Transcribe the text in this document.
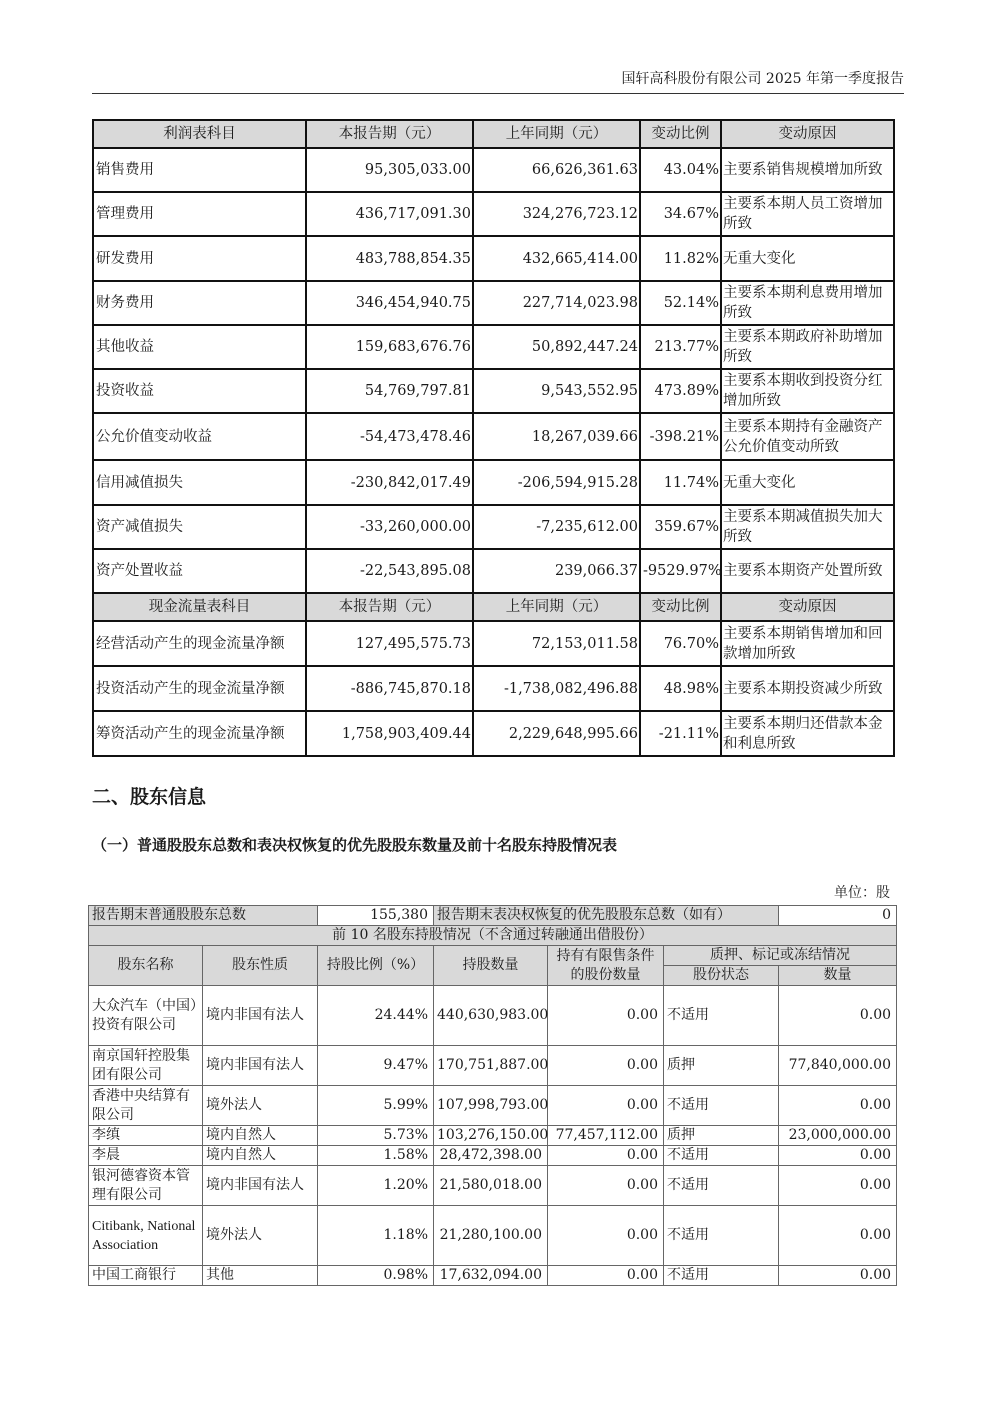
国轩高科股份有限公司 2025 年第一季度报告
利润表科目	本报告期（元）	上年同期（元）	变动比例	变动原因
销售费用	95,305,033.00	66,626,361.63	43.04%	主要系销售规模增加所致
管理费用	436,717,091.30	324,276,723.12	34.67%	主要系本期人员工资增加所致
研发费用	483,788,854.35	432,665,414.00	11.82%	无重大变化
财务费用	346,454,940.75	227,714,023.98	52.14%	主要系本期利息费用增加所致
其他收益	159,683,676.76	50,892,447.24	213.77%	主要系本期政府补助增加所致
投资收益	54,769,797.81	9,543,552.95	473.89%	主要系本期收到投资分红增加所致
公允价值变动收益	-54,473,478.46	18,267,039.66	-398.21%	主要系本期持有金融资产公允价值变动所致
信用减值损失	-230,842,017.49	-206,594,915.28	11.74%	无重大变化
资产减值损失	-33,260,000.00	-7,235,612.00	359.67%	主要系本期减值损失加大所致
资产处置收益	-22,543,895.08	239,066.37	-9529.97%	主要系本期资产处置所致
现金流量表科目	本报告期（元）	上年同期（元）	变动比例	变动原因
经营活动产生的现金流量净额	127,495,575.73	72,153,011.58	76.70%	主要系本期销售增加和回款增加所致
投资活动产生的现金流量净额	-886,745,870.18	-1,738,082,496.88	48.98%	主要系本期投资减少所致
筹资活动产生的现金流量净额	1,758,903,409.44	2,229,648,995.66	-21.11%	主要系本期归还借款本金和利息所致
二、股东信息
（一）普通股股东总数和表决权恢复的优先股股东数量及前十名股东持股情况表
单位：股
报告期末普通股股东总数		155,380	报告期末表决权恢复的优先股股东总数（如有）			0
前 10 名股东持股情况（不含通过转融通出借股份）						
股东名称	股东性质	持股比例（%）	持股数量	持有有限售条件的股份数量	质押、标记或冻结情况	
					股份状态	数量
大众汽车（中国）投资有限公司	境内非国有法人	24.44%	440,630,983.00	0.00	不适用	0.00
南京国轩控股集团有限公司	境内非国有法人	9.47%	170,751,887.00	0.00	质押	77,840,000.00
香港中央结算有限公司	境外法人	5.99%	107,998,793.00	0.00	不适用	0.00
李缜	境内自然人	5.73%	103,276,150.00	77,457,112.00	质押	23,000,000.00
李晨	境内自然人	1.58%	28,472,398.00	0.00	不适用	0.00
银河德睿资本管理有限公司	境内非国有法人	1.20%	21,580,018.00	0.00	不适用	0.00
Citibank, National Association	境外法人	1.18%	21,280,100.00	0.00	不适用	0.00
中国工商银行	其他	0.98%	17,632,094.00	0.00	不适用	0.00
